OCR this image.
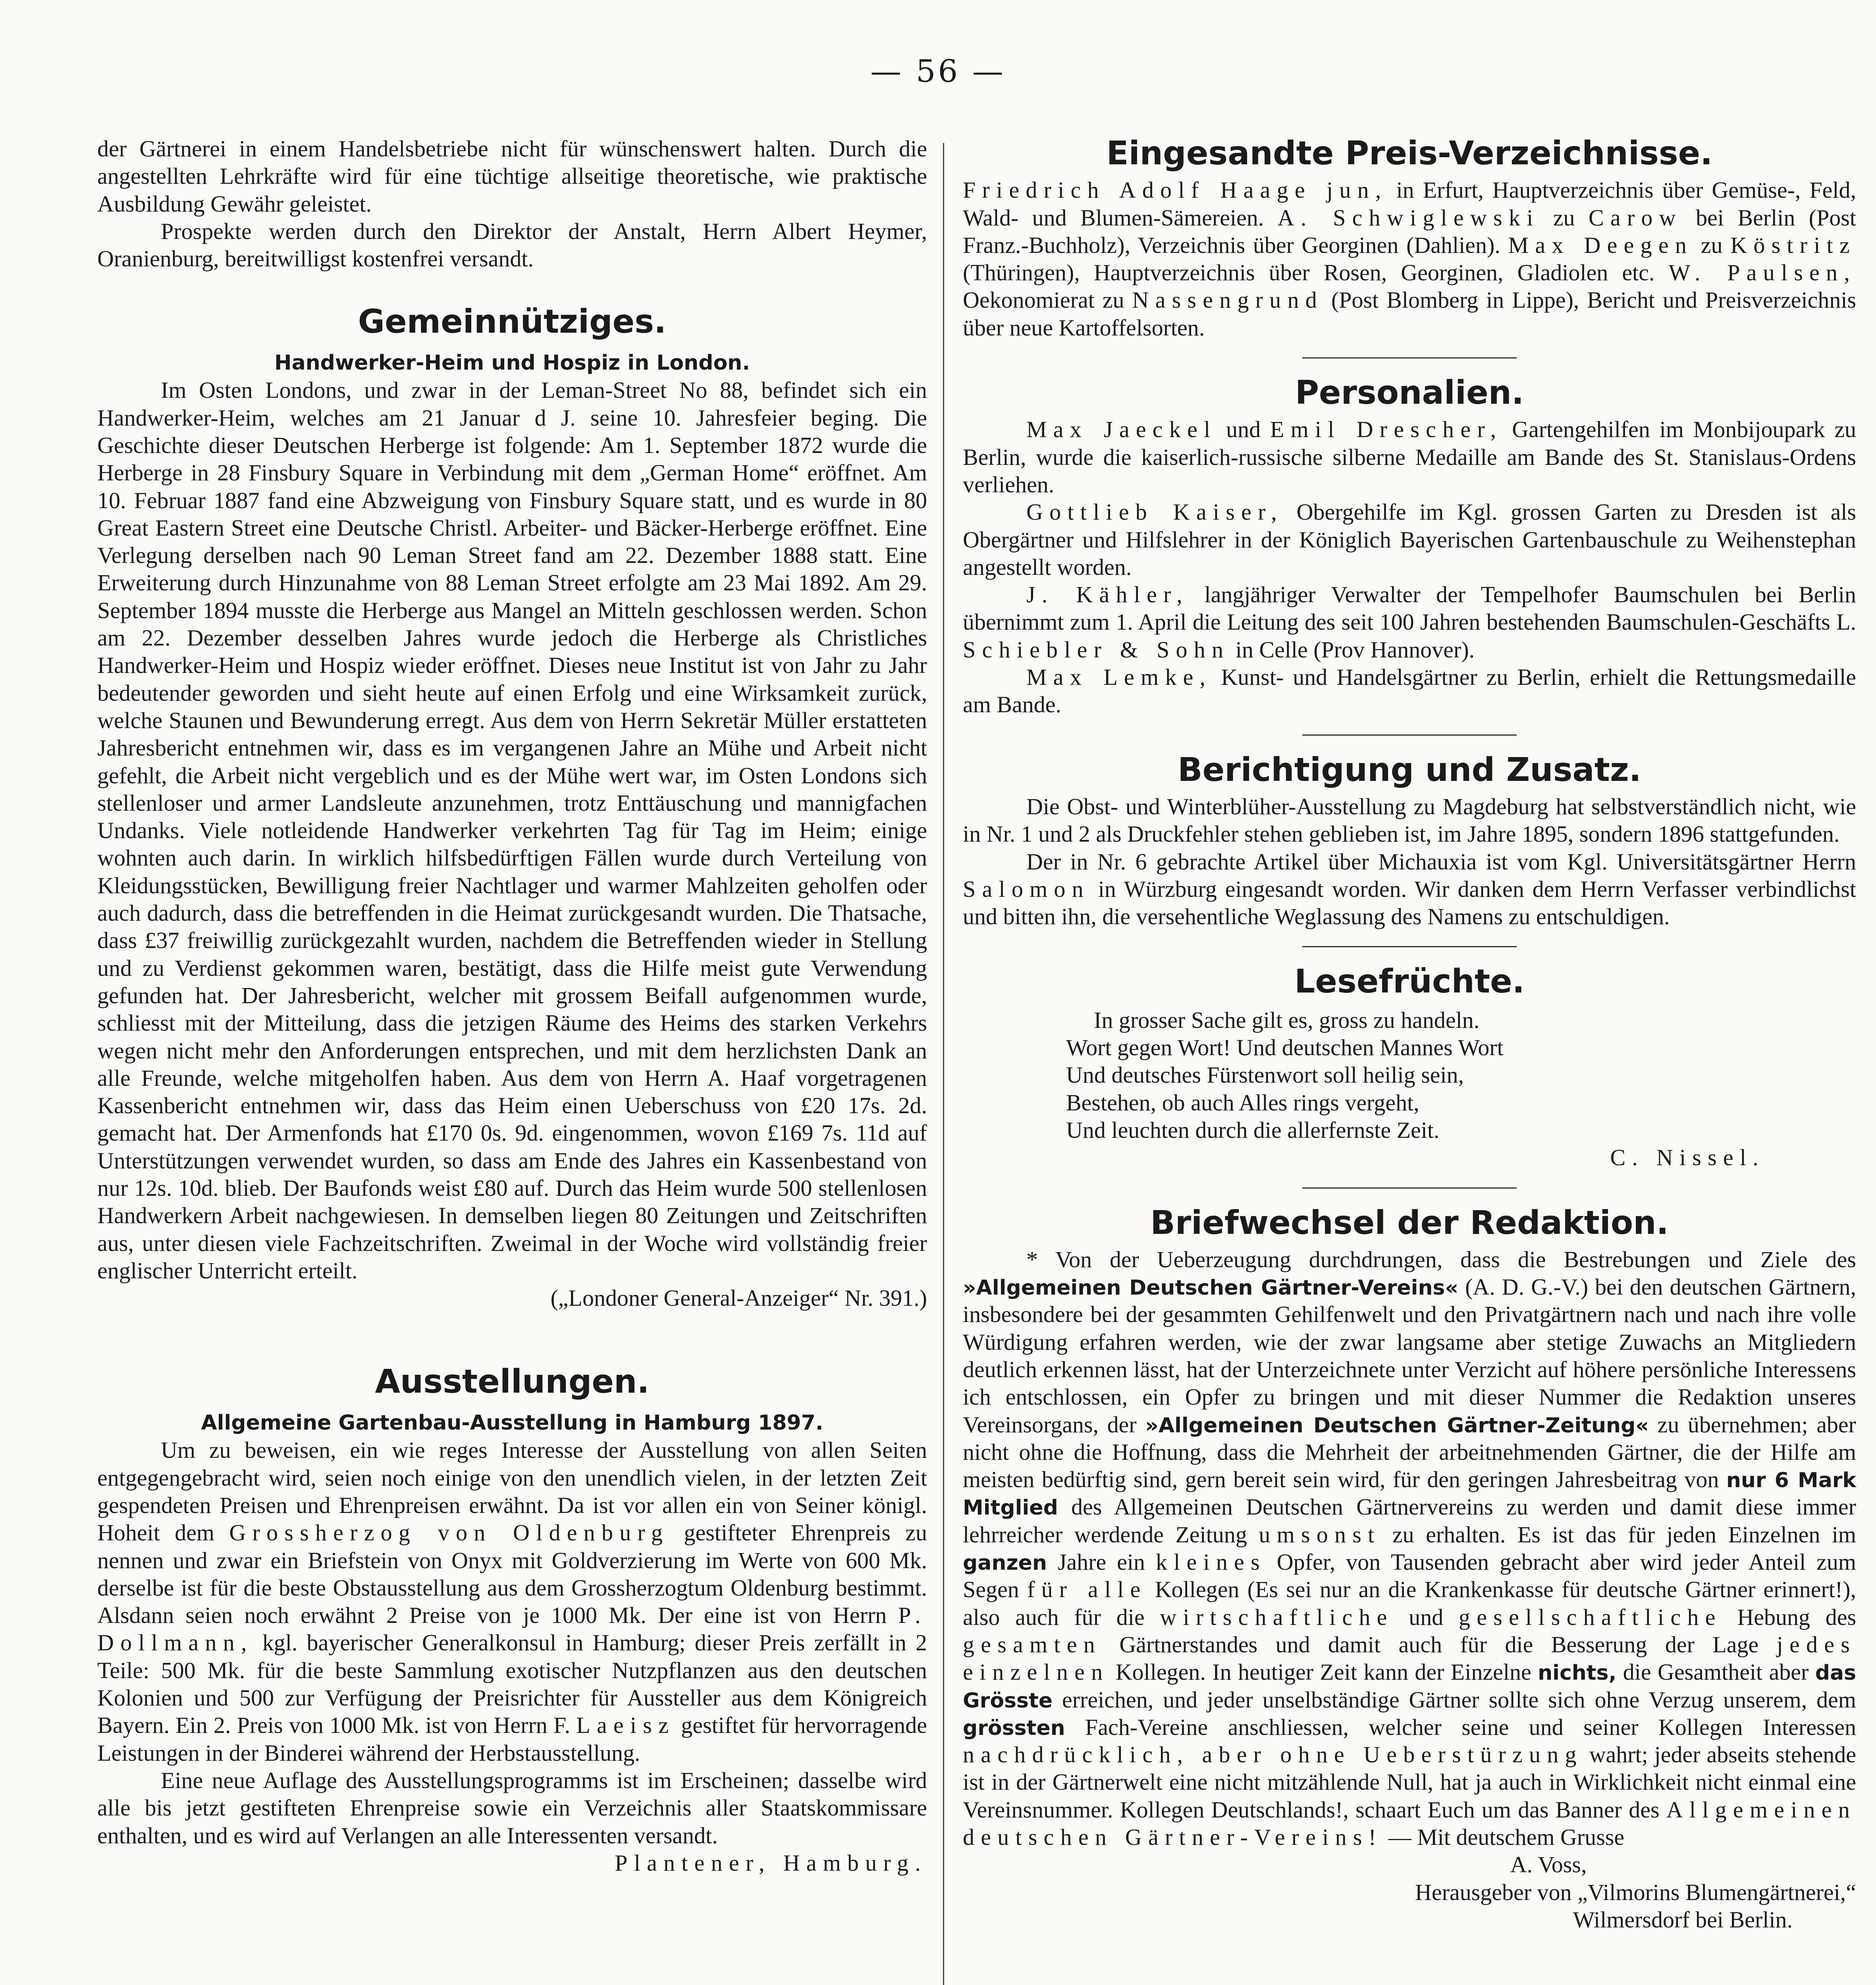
— 56 —

der Gärtnerei in einem Handelsbetriebe nicht für wünschenswert halten. Durch die angestellten Lehrkräfte wird für eine tüchtige allseitige theoretische, wie praktische Ausbildung Gewähr geleistet.

Prospekte werden durch den Direktor der Anstalt, Herrn Albert Heymer, Oranienburg, bereitwilligst kostenfrei versandt.

Gemeinnütziges.

Handwerker-Heim und Hospiz in London.

Im Osten Londons, und zwar in der Leman-Street No 88, befindet sich ein Handwerker-Heim, welches am 21 Januar d J. seine 10. Jahresfeier beging. Die Geschichte dieser Deutschen Herberge ist folgende: Am 1. September 1872 wurde die Herberge in 28 Finsbury Square in Verbindung mit dem „German Home“ eröffnet. Am 10. Februar 1887 fand eine Abzweigung von Finsbury Square statt, und es wurde in 80 Great Eastern Street eine Deutsche Christl. Arbeiter- und Bäcker-Herberge eröffnet. Eine Verlegung derselben nach 90 Leman Street fand am 22. Dezember 1888 statt. Eine Erweiterung durch Hinzunahme von 88 Leman Street erfolgte am 23 Mai 1892. Am 29. September 1894 musste die Herberge aus Mangel an Mitteln geschlossen werden. Schon am 22. Dezember desselben Jahres wurde jedoch die Herberge als Christliches Handwerker-Heim und Hospiz wieder eröffnet. Dieses neue Institut ist von Jahr zu Jahr bedeutender geworden und sieht heute auf einen Erfolg und eine Wirksamkeit zurück, welche Staunen und Bewunderung erregt. Aus dem von Herrn Sekretär Müller erstatteten Jahresbericht entnehmen wir, dass es im vergangenen Jahre an Mühe und Arbeit nicht gefehlt, die Arbeit nicht vergeblich und es der Mühe wert war, im Osten Londons sich stellenloser und armer Landsleute anzunehmen, trotz Enttäuschung und mannigfachen Undanks. Viele notleidende Handwerker verkehrten Tag für Tag im Heim; einige wohnten auch darin. In wirklich hilfsbedürftigen Fällen wurde durch Verteilung von Kleidungsstücken, Bewilligung freier Nachtlager und warmer Mahlzeiten geholfen oder auch dadurch, dass die betreffenden in die Heimat zurückgesandt wurden. Die Thatsache, dass £37 freiwillig zurückgezahlt wurden, nachdem die Betreffenden wieder in Stellung und zu Verdienst gekommen waren, bestätigt, dass die Hilfe meist gute Verwendung gefunden hat. Der Jahresbericht, welcher mit grossem Beifall aufgenommen wurde, schliesst mit der Mitteilung, dass die jetzigen Räume des Heims des starken Verkehrs wegen nicht mehr den Anforderungen entsprechen, und mit dem herzlichsten Dank an alle Freunde, welche mitgeholfen haben. Aus dem von Herrn A. Haaf vorgetragenen Kassenbericht entnehmen wir, dass das Heim einen Ueberschuss von £20 17s. 2d. gemacht hat. Der Armenfonds hat £170 0s. 9d. eingenommen, wovon £169 7s. 11d auf Unterstützungen verwendet wurden, so dass am Ende des Jahres ein Kassenbestand von nur 12s. 10d. blieb. Der Baufonds weist £80 auf. Durch das Heim wurde 500 stellenlosen Handwerkern Arbeit nachgewiesen. In demselben liegen 80 Zeitungen und Zeitschriften aus, unter diesen viele Fachzeitschriften. Zweimal in der Woche wird vollständig freier englischer Unterricht erteilt.

(„Londoner General-Anzeiger“ Nr. 391.)

Ausstellungen.

Allgemeine Gartenbau-Ausstellung in Hamburg 1897.

Um zu beweisen, ein wie reges Interesse der Ausstellung von allen Seiten entgegengebracht wird, seien noch einige von den unendlich vielen, in der letzten Zeit gespendeten Preisen und Ehrenpreisen erwähnt. Da ist vor allen ein von Seiner königl. Hoheit dem Grossherzog von Oldenburg gestifteter Ehrenpreis zu nennen und zwar ein Briefstein von Onyx mit Goldverzierung im Werte von 600 Mk. derselbe ist für die beste Obstausstellung aus dem Grossherzogtum Oldenburg bestimmt. Alsdann seien noch erwähnt 2 Preise von je 1000 Mk. Der eine ist von Herrn P. Dollmann, kgl. bayerischer Generalkonsul in Hamburg; dieser Preis zerfällt in 2 Teile: 500 Mk. für die beste Sammlung exotischer Nutzpflanzen aus den deutschen Kolonien und 500 zur Verfügung der Preisrichter für Aussteller aus dem Königreich Bayern. Ein 2. Preis von 1000 Mk. ist von Herrn F. Laeisz gestiftet für hervorragende Leistungen in der Binderei während der Herbstausstellung.

Eine neue Auflage des Ausstellungsprogramms ist im Erscheinen; dasselbe wird alle bis jetzt gestifteten Ehrenpreise sowie ein Verzeichnis aller Staatskommissare enthalten, und es wird auf Verlangen an alle Interessenten versandt.

Plantener, Hamburg.

Eingesandte Preis-Verzeichnisse.

Friedrich Adolf Haage jun, in Erfurt, Hauptverzeichnis über Gemüse-, Feld, Wald- und Blumen-Sämereien. A. Schwiglewski zu Carow bei Berlin (Post Franz.-Buchholz), Verzeichnis über Georginen (Dahlien). Max Deegen zu Köstritz (Thüringen), Hauptverzeichnis über Rosen, Georginen, Gladiolen etc. W. Paulsen, Oekonomierat zu Nassengrund (Post Blomberg in Lippe), Bericht und Preisverzeichnis über neue Kartoffelsorten.

Personalien.

Max Jaeckel und Emil Drescher, Gartengehilfen im Monbijoupark zu Berlin, wurde die kaiserlich-russische silberne Medaille am Bande des St. Stanislaus-Ordens verliehen.

Gottlieb Kaiser, Obergehilfe im Kgl. grossen Garten zu Dresden ist als Obergärtner und Hilfslehrer in der Königlich Bayerischen Gartenbauschule zu Weihenstephan angestellt worden.

J. Kähler, langjähriger Verwalter der Tempelhofer Baumschulen bei Berlin übernimmt zum 1. April die Leitung des seit 100 Jahren bestehenden Baumschulen-Geschäfts L. Schiebler & Sohn in Celle (Prov Hannover).

Max Lemke, Kunst- und Handelsgärtner zu Berlin, erhielt die Rettungsmedaille am Bande.

Berichtigung und Zusatz.

Die Obst- und Winterblüher-Ausstellung zu Magdeburg hat selbstverständlich nicht, wie in Nr. 1 und 2 als Druckfehler stehen geblieben ist, im Jahre 1895, sondern 1896 stattgefunden.

Der in Nr. 6 gebrachte Artikel über Michauxia ist vom Kgl. Universitätsgärtner Herrn Salomon in Würzburg eingesandt worden. Wir danken dem Herrn Verfasser verbindlichst und bitten ihn, die versehentliche Weglassung des Namens zu entschuldigen.

Lesefrüchte.

In grosser Sache gilt es, gross zu handeln.

Wort gegen Wort! Und deutschen Mannes Wort

Und deutsches Fürstenwort soll heilig sein,

Bestehen, ob auch Alles rings vergeht,

Und leuchten durch die allerfernste Zeit.

C. Nissel.

Briefwechsel der Redaktion.

* Von der Ueberzeugung durchdrungen, dass die Bestrebungen und Ziele des »Allgemeinen Deutschen Gärtner-Vereins« (A. D. G.-V.) bei den deutschen Gärtnern, insbesondere bei der gesammten Gehilfenwelt und den Privatgärtnern nach und nach ihre volle Würdigung erfahren werden, wie der zwar langsame aber stetige Zuwachs an Mitgliedern deutlich erkennen lässt, hat der Unterzeichnete unter Verzicht auf höhere persönliche Interessens ich entschlossen, ein Opfer zu bringen und mit dieser Nummer die Redaktion unseres Vereinsorgans, der »Allgemeinen Deutschen Gärtner-Zeitung« zu übernehmen; aber nicht ohne die Hoffnung, dass die Mehrheit der arbeitnehmenden Gärtner, die der Hilfe am meisten bedürftig sind, gern bereit sein wird, für den geringen Jahresbeitrag von nur 6 Mark Mitglied des Allgemeinen Deutschen Gärtnervereins zu werden und damit diese immer lehrreicher werdende Zeitung umsonst zu erhalten. Es ist das für jeden Einzelnen im ganzen Jahre ein kleines Opfer, von Tausenden gebracht aber wird jeder Anteil zum Segen für alle Kollegen (Es sei nur an die Krankenkasse für deutsche Gärtner erinnert!), also auch für die wirtschaftliche und gesellschaftliche Hebung des gesamten Gärtnerstandes und damit auch für die Besserung der Lage jedes einzelnen Kollegen. In heutiger Zeit kann der Einzelne nichts, die Gesamtheit aber das Grösste erreichen, und jeder unselbständige Gärtner sollte sich ohne Verzug unserem, dem grössten Fach-Vereine anschliessen, welcher seine und seiner Kollegen Interessen nachdrücklich, aber ohne Ueberstürzung wahrt; jeder abseits stehende ist in der Gärtnerwelt eine nicht mitzählende Null, hat ja auch in Wirklichkeit nicht einmal eine Vereinsnummer. Kollegen Deutschlands!, schaart Euch um das Banner des Allgemeinen deutschen Gärtner-Vereins! — Mit deutschem Grusse

A. Voss,

Herausgeber von „Vilmorins Blumengärtnerei,“

Wilmersdorf bei Berlin.
